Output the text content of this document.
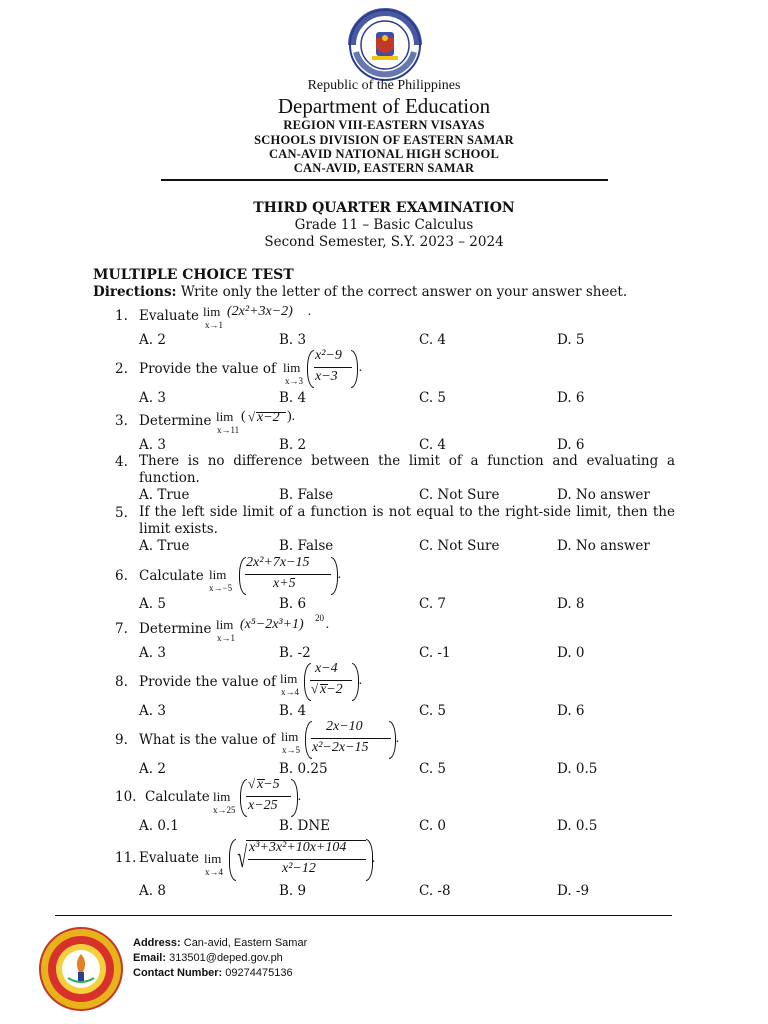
Republic of the Philippines
Department of Education
REGION VIII-EASTERN VISAYAS
SCHOOLS DIVISION OF EASTERN SAMAR
CAN-AVID NATIONAL HIGH SCHOOL
CAN-AVID, EASTERN SAMAR
THIRD QUARTER EXAMINATION
Grade 11 – Basic Calculus
Second Semester, S.Y. 2023 – 2024
MULTIPLE CHOICE TEST
Directions: Write only the letter of the correct answer on your answer sheet.
1. Evaluate lim
x→1
(2x²+3x−2) .
A. 2	B. 3	C. 4	D. 5
2. Provide the value of lim
x→3
x²−9
x−3
.
A. 3	B. 4	C. 5	D. 6
3. Determine lim
x→11
( √ x−2 ) .
A. 3	B. 2	C. 4	D. 6
4. There is no difference between the limit of a function and evaluating a function.
A. True	B. False	C. Not Sure	D. No answer
5. If the left side limit of a function is not equal to the right-side limit, then the limit exists.
A. True	B. False	C. Not Sure	D. No answer
6. Calculate lim
x→−5
2x²+7x−15
x+5
.
A. 5	B. 6	C. 7	D. 8
7. Determine lim
x→1
(x⁵−2x³+1) 20 .
A. 3	B. -2	C. -1	D. 0
8. Provide the value of lim
x→4
x−4
√ x−2
.
A. 3	B. 4	C. 5	D. 6
9. What is the value of lim
x→5
2x−10
x²−2x−15
.
A. 2	B. 0.25	C. 5	D. 0.5
10. Calculate lim
x→25
√ x−5
x−25
.
A. 0.1	B. DNE	C. 0	D. 0.5
11. Evaluate lim
x→4 √ x³+3x²+10x+104
x²−12
.
A. 8	B. 9	C. -8	D. -9
Address: Can-avid, Eastern Samar
Email: 313501@deped.gov.ph
Contact Number: 09274475136
